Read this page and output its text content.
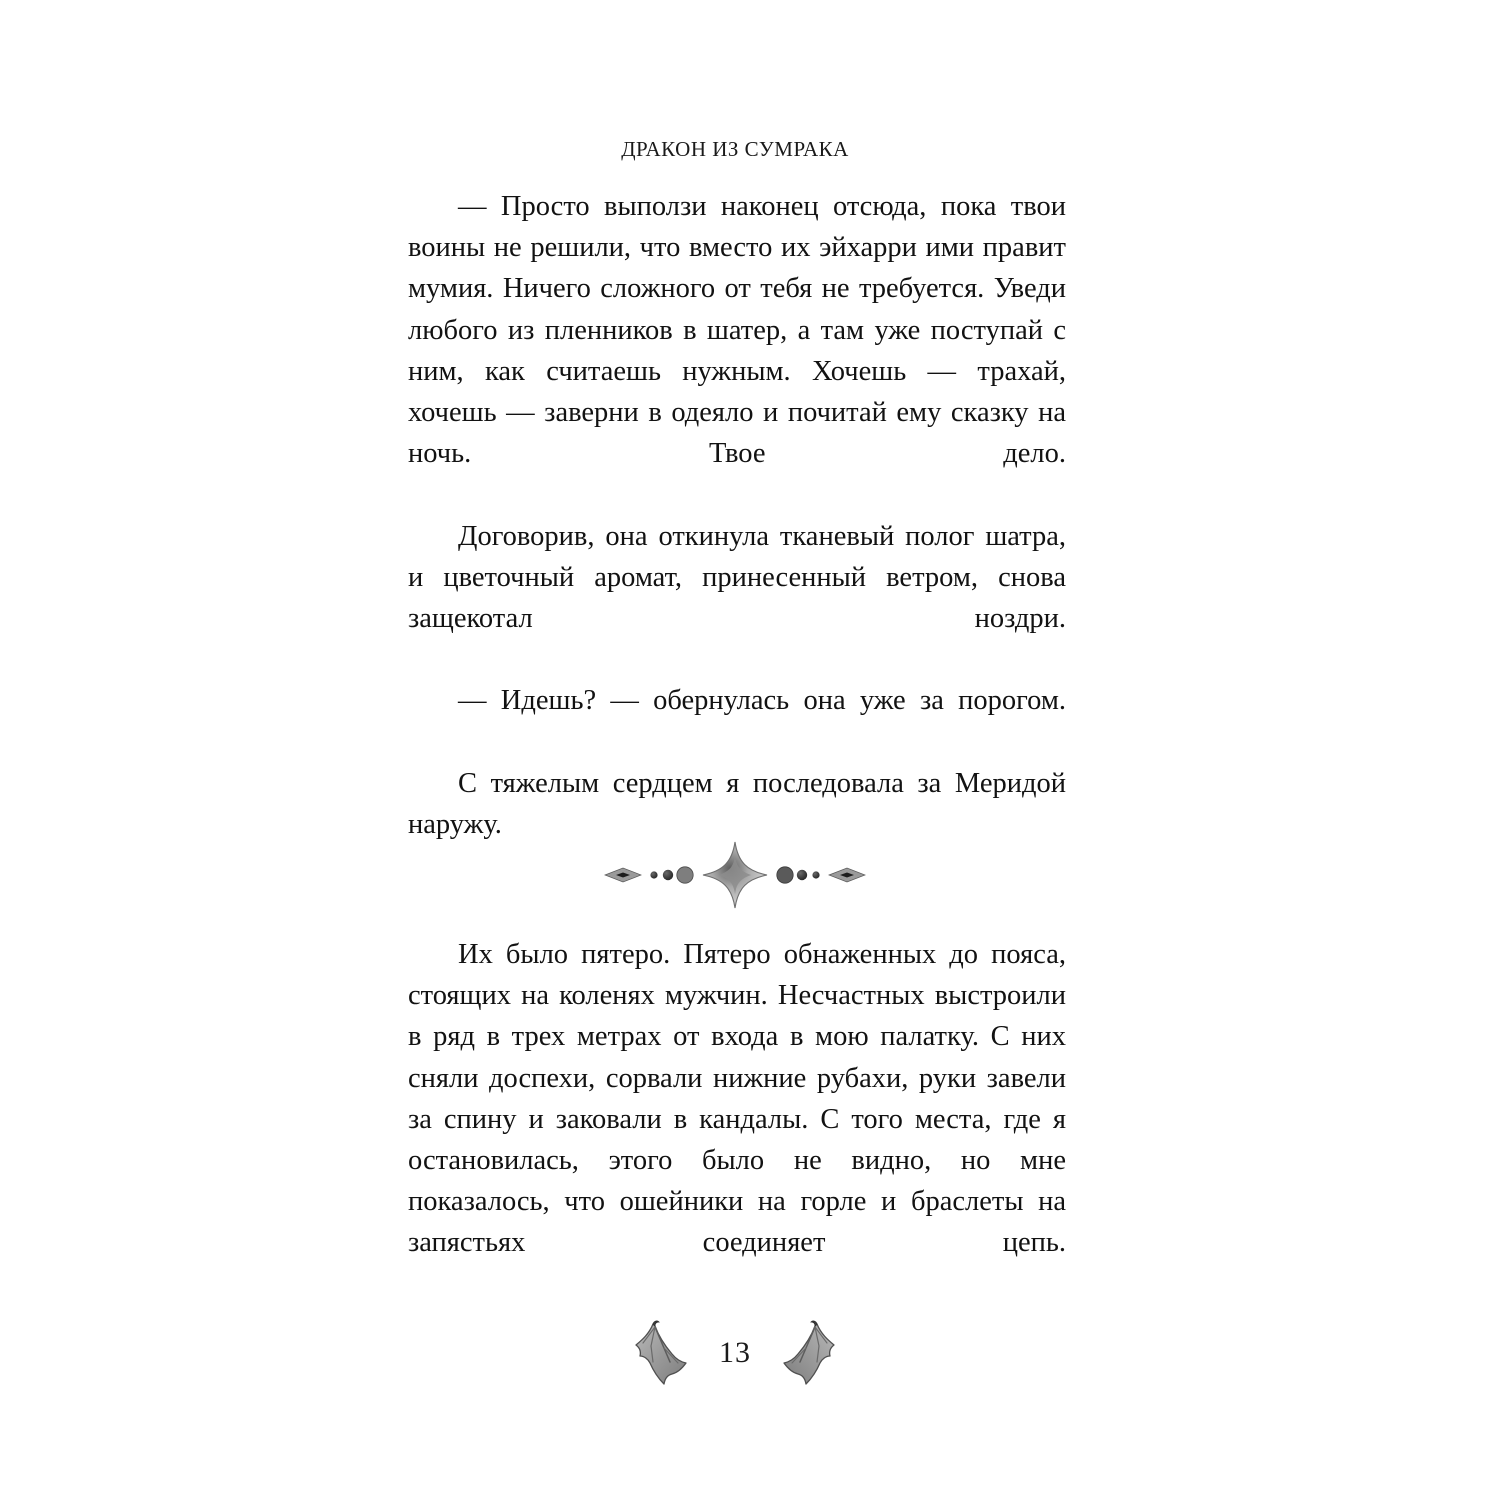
ДРАКОН ИЗ СУМРАКА

— Просто выползи наконец отсюда, пока твои воины не решили, что вместо их эйхарри ими правит мумия. Ничего сложного от тебя не требуется. Уведи любого из пленников в шатер, а там уже поступай с ним, как считаешь нужным. Хочешь — трахай, хочешь — заверни в одеяло и почитай ему сказку на ночь. Твое дело.

Договорив, она откинула тканевый полог шатра, и цветочный аромат, принесенный ветром, снова защекотал ноздри.

— Идешь? — обернулась она уже за порогом.

С тяжелым сердцем я последовала за Меридой наружу.

Их было пятеро. Пятеро обнаженных до пояса, стоящих на коленях мужчин. Несчастных выстроили в ряд в трех метрах от входа в мою палатку. С них сняли доспехи, сорвали нижние рубахи, руки завели за спину и заковали в кандалы. С того места, где я остановилась, этого было не видно, но мне показалось, что ошейники на горле и браслеты на запястьях соединяет цепь.

13
